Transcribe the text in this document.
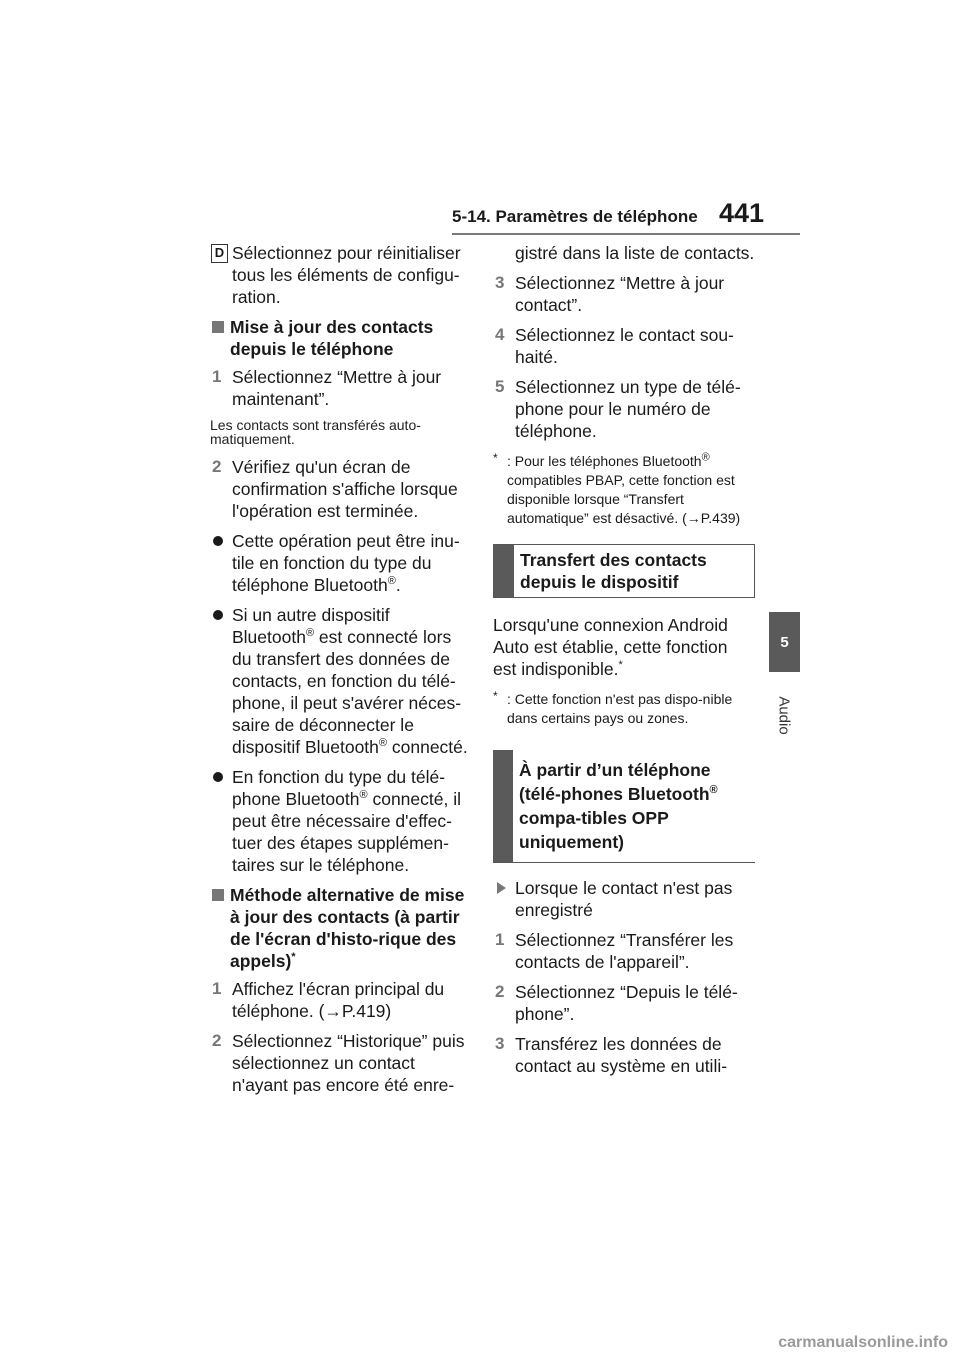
5-14. Paramètres de téléphone 441
5
Audio
D Sélectionnez pour réinitialiser tous les éléments de configu-ration.
Mise à jour des contacts depuis le téléphone
1 Sélectionnez “Mettre à jour maintenant”.
Les contacts sont transférés auto-matiquement.
2 Vérifiez qu'un écran de confirmation s'affiche lorsque l'opération est terminée.
Cette opération peut être inu-tile en fonction du type du téléphone Bluetooth®.
Si un autre dispositif Bluetooth® est connecté lors du transfert des données de contacts, en fonction du télé-phone, il peut s'avérer néces-saire de déconnecter le dispositif Bluetooth® connecté.
En fonction du type du télé-phone Bluetooth® connecté, il peut être nécessaire d'effec-tuer des étapes supplémen-taires sur le téléphone.
Méthode alternative de mise à jour des contacts (à partir de l'écran d'histo-rique des appels)*
1 Affichez l'écran principal du téléphone. (→P.419)
2 Sélectionnez “Historique” puis sélectionnez un contact n'ayant pas encore été enre-
gistré dans la liste de contacts.
3 Sélectionnez “Mettre à jour contact”.
4 Sélectionnez le contact sou-haité.
5 Sélectionnez un type de télé-phone pour le numéro de téléphone.
* : Pour les téléphones Bluetooth® compatibles PBAP, cette fonction est disponible lorsque “Transfert automatique” est désactivé. (→P.439)
Transfert des contacts depuis le dispositif
Lorsqu'une connexion Android Auto est établie, cette fonction est indisponible.*
* : Cette fonction n'est pas dispo-nible dans certains pays ou zones.
À partir d’un téléphone (télé-phones Bluetooth® compa-tibles OPP uniquement)
Lorsque le contact n'est pas enregistré
1 Sélectionnez “Transférer les contacts de l'appareil”.
2 Sélectionnez “Depuis le télé-phone”.
3 Transférez les données de contact au système en utili-
carmanualsonline.info
